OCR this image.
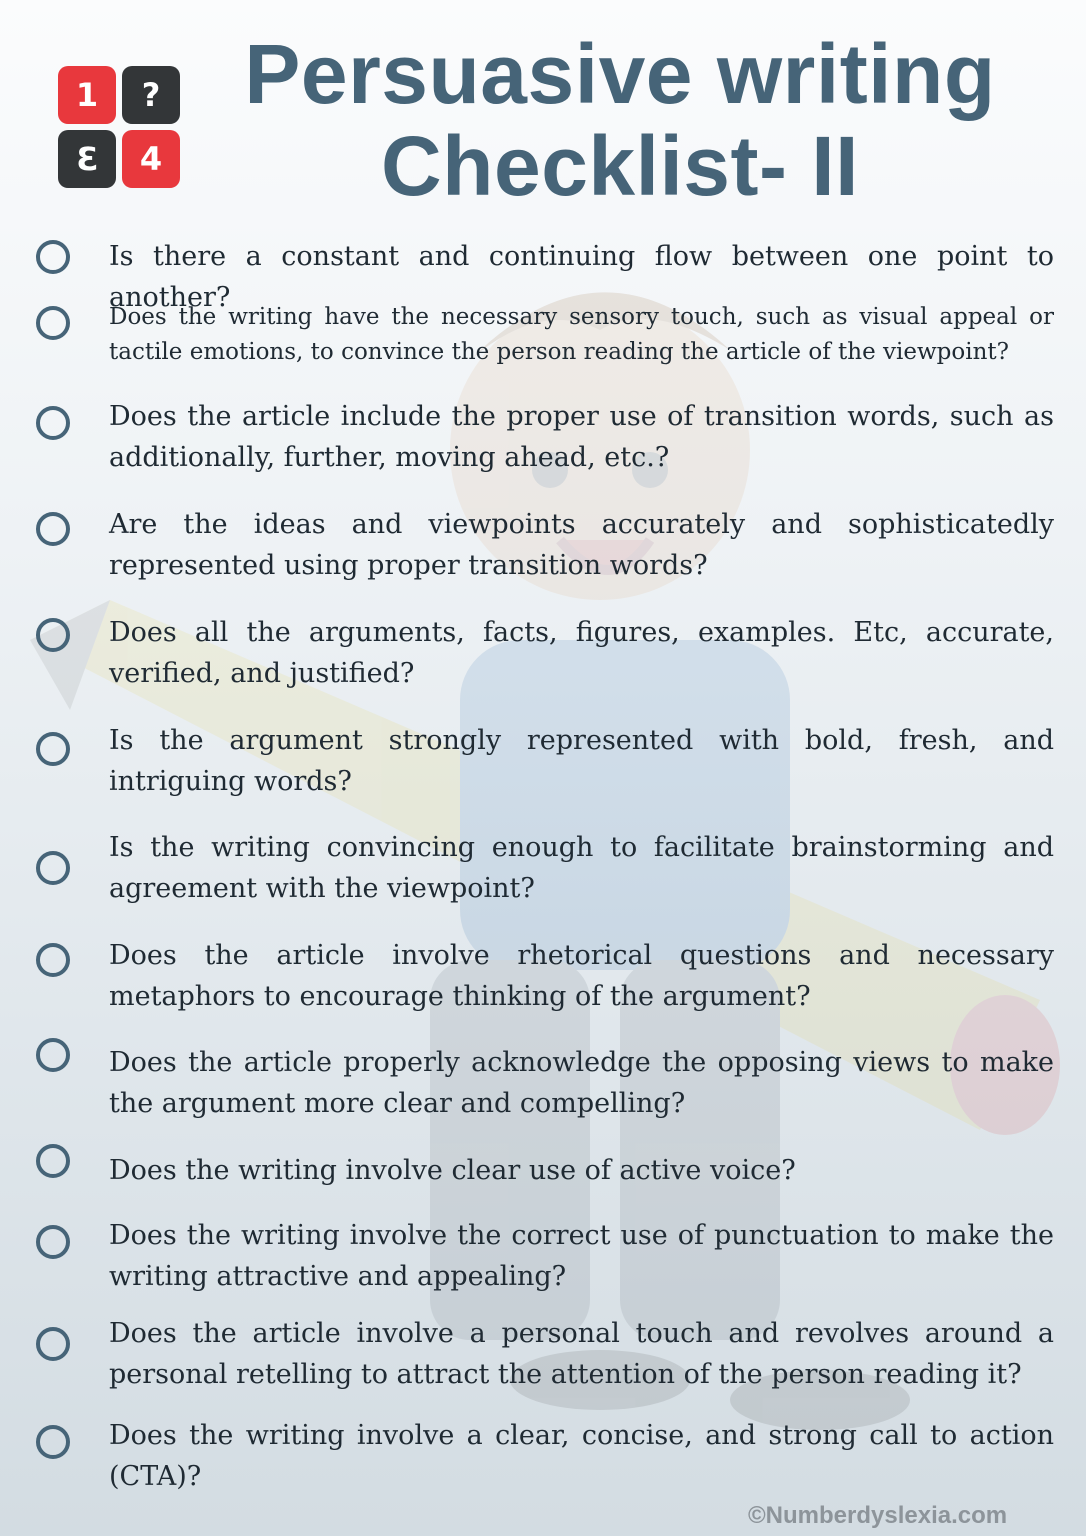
1	?
3	4
Persuasive writing
Checklist- II
Is there a constant and continuing flow between one point to another?
Does the writing have the necessary sensory touch, such as visual appeal or tactile emotions, to convince the person reading the article of the viewpoint?
Does the article include the proper use of transition words, such as additionally, further, moving ahead, etc.?
Are the ideas and viewpoints accurately and sophisticatedly represented using proper transition words?
Does all the arguments, facts, figures, examples. Etc, accurate, verified, and justified?
Is the argument strongly represented with bold, fresh, and intriguing words?
Is the writing convincing enough to facilitate brainstorming and agreement with the viewpoint?
Does the article involve rhetorical questions and necessary metaphors to encourage thinking of the argument?
Does the article properly acknowledge the opposing views to make the argument more clear and compelling?
Does the writing involve clear use of active voice?
Does the writing involve the correct use of punctuation to make the writing attractive and appealing?
Does the article involve a personal touch and revolves around a personal retelling to attract the attention of the person reading it?
Does the writing involve a clear, concise, and strong call to action (CTA)?
©Numberdyslexia.com
